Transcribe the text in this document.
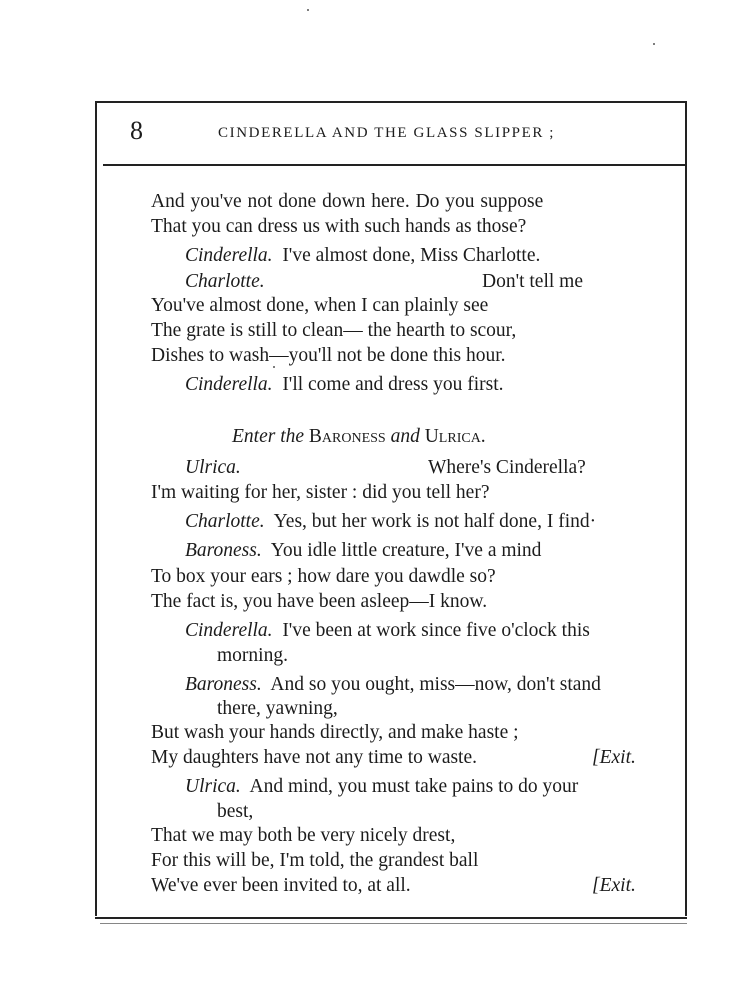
8	CINDERELLA AND THE GLASS SLIPPER ;
And you've not done down here. Do you suppose
That you can dress us with such hands as those?
Cinderella. I've almost done, Miss Charlotte.
Charlotte.	Don't tell me
You've almost done, when I can plainly see
The grate is still to clean— the hearth to scour,
Dishes to wash—you'll not be done this hour.
Cinderella. I'll come and dress you first.
Enter the Baroness and Ulrica.
Ulrica.	Where's Cinderella?
I'm waiting for her, sister : did you tell her?
Charlotte. Yes, but her work is not half done, I find·
Baroness. You idle little creature, I've a mind
To box your ears ; how dare you dawdle so?
The fact is, you have been asleep—I know.
Cinderella. I've been at work since five o'clock this
morning.
Baroness. And so you ought, miss—now, don't stand
there, yawning,
But wash your hands directly, and make haste ;
My daughters have not any time to waste.	[Exit.
Ulrica. And mind, you must take pains to do your
best,
That we may both be very nicely drest,
For this will be, I'm told, the grandest ball
We've ever been invited to, at all.	[Exit.
